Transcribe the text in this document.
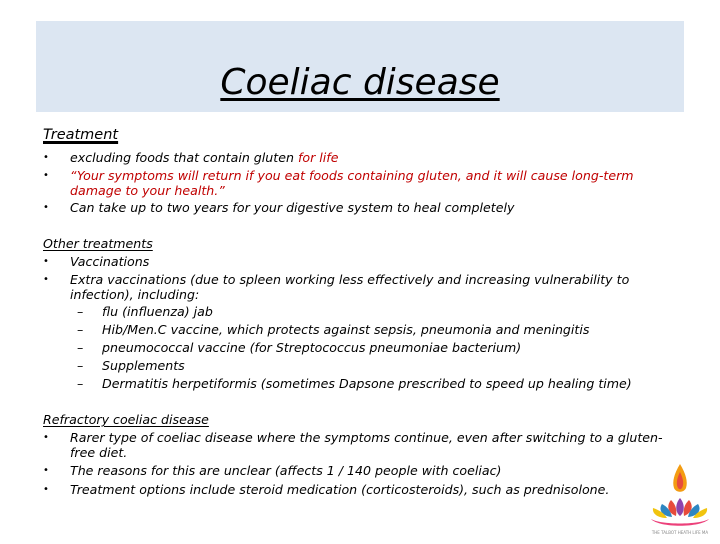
Coeliac disease
Treatment
• excluding foods that contain gluten for life
• “Your symptoms will return if you eat foods containing gluten, and it will cause long-term damage to your health.”
• Can take up to two years for your digestive system to heal completely
Other treatments
• Vaccinations
• Extra vaccinations (due to spleen working less effectively and increasing vulnerability to infection), including:
– flu (influenza) jab
– Hib/Men.C vaccine, which protects against sepsis, pneumonia and meningitis
– pneumococcal vaccine (for Streptococcus pneumoniae bacterium)
– Supplements
– Dermatitis herpetiformis (sometimes Dapsone prescribed to speed up healing time)
Refractory coeliac disease
• Rarer type of coeliac disease where the symptoms continue, even after switching to a gluten-free diet.
• The reasons for this are unclear (affects 1 / 140 people with coeliac)
• Treatment options include steroid medication (corticosteroids), such as prednisolone.
THE TALBOT HEATH LIFE MA
